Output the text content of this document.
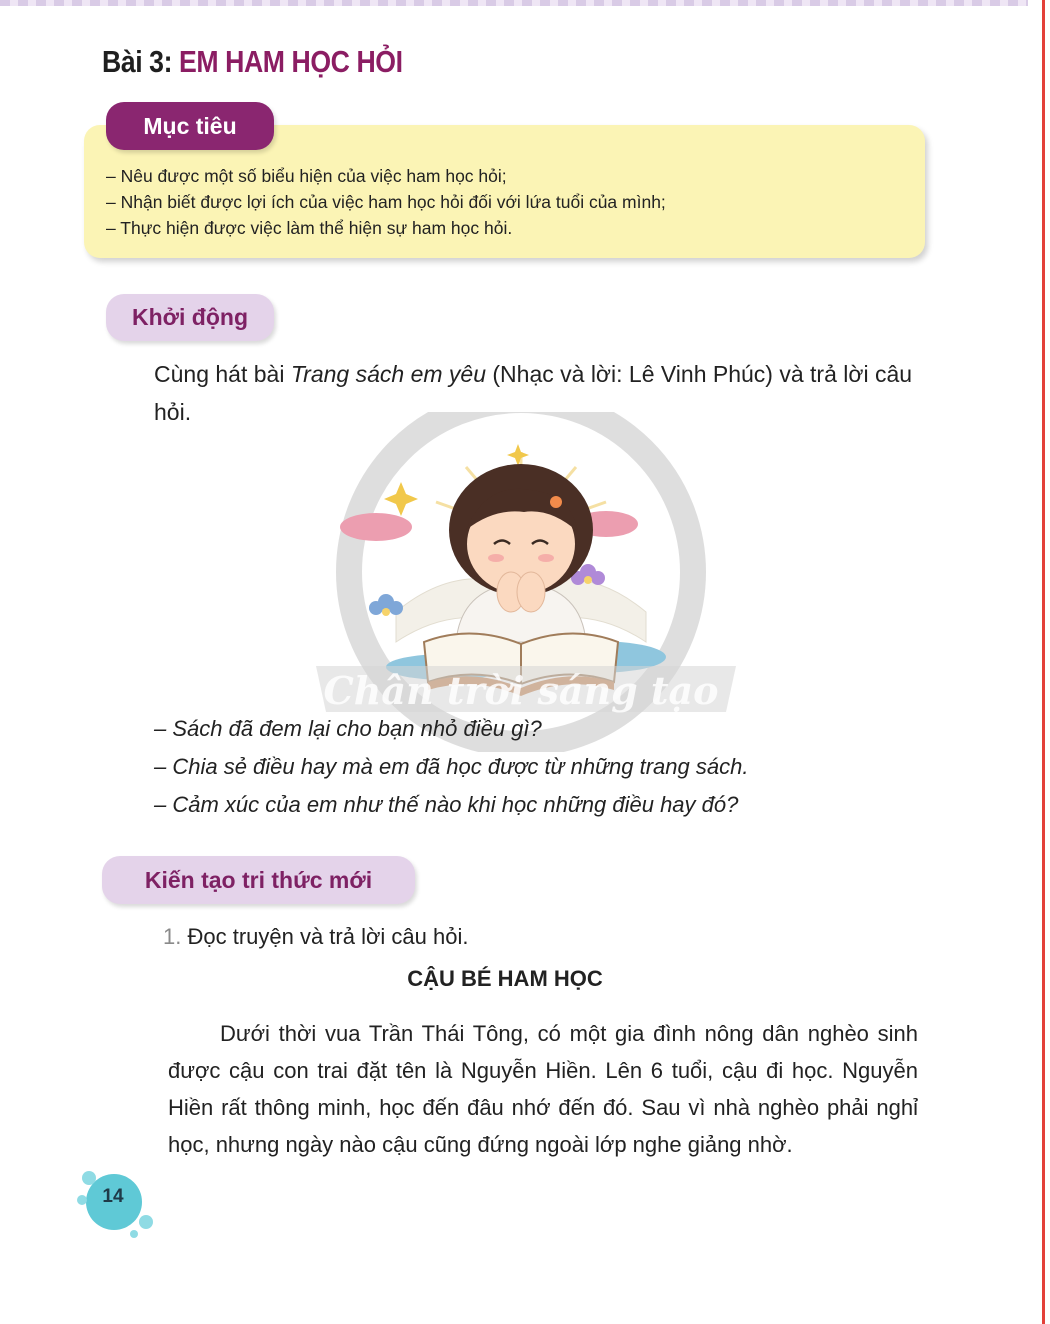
Bài 3: EM HAM HỌC HỎI
Mục tiêu
– Nêu được một số biểu hiện của việc ham học hỏi;
– Nhận biết được lợi ích của việc ham học hỏi đối với lứa tuổi của mình;
– Thực hiện được việc làm thể hiện sự ham học hỏi.
Khởi động
Cùng hát bài Trang sách em yêu (Nhạc và lời: Lê Vinh Phúc) và trả lời câu hỏi.
Chân trời sáng tạo
– Sách đã đem lại cho bạn nhỏ điều gì?
– Chia sẻ điều hay mà em đã học được từ những trang sách.
– Cảm xúc của em như thế nào khi học những điều hay đó?
Kiến tạo tri thức mới
1. Đọc truyện và trả lời câu hỏi.
CẬU BÉ HAM HỌC
Dưới thời vua Trần Thái Tông, có một gia đình nông dân nghèo sinh được cậu con trai đặt tên là Nguyễn Hiền. Lên 6 tuổi, cậu đi học. Nguyễn Hiền rất thông minh, học đến đâu nhớ đến đó. Sau vì nhà nghèo phải nghỉ học, nhưng ngày nào cậu cũng đứng ngoài lớp nghe giảng nhờ.
14
